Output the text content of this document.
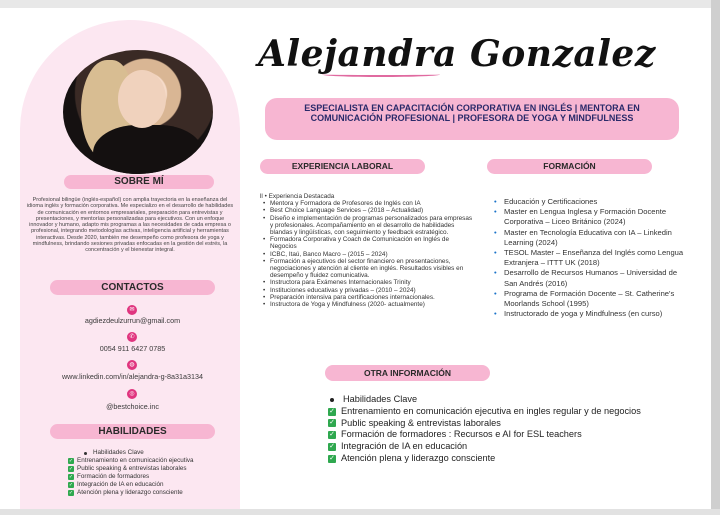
SOBRE MÍ
Profesional bilingüe (inglés-español) con amplia trayectoria en la enseñanza del idioma inglés y formación corporativa. Me especializo en el desarrollo de habilidades de comunicación en entornos empresariales, preparación para entrevistas y presentaciones, y mentorías personalizadas para ejecutivos. Con un enfoque innovador y humano, adapto mis programas a las necesidades de cada empresa o profesional, integrando metodologías activas, inteligencia artificial y herramientas interactivas. Desde 2020, también me desempeño como profesora de yoga y mindfulness, brindando sesiones privadas enfocadas en la gestión del estrés, la concentración y el bienestar integral.
CONTACTOS
✉
agdiezdeulzurrun@gmail.com
✆
0054 911 6427 0785
◍
www.linkedin.com/in/alejandra-g-8a31a3134
◎
@bestchoice.inc
HABILIDADES
Habilidades Clave
✓ Entrenamiento en comunicación ejecutiva
✓ Public speaking & entrevistas laborales
✓ Formación de formadores
✓ Integración de IA en educación
✓ Atención plena y liderazgo consciente
Alejandra Gonzalez
ESPECIALISTA EN CAPACITACIÓN CORPORATIVA EN INGLÉS | MENTORA EN COMUNICACIÓN PROFESIONAL | PROFESORA DE YOGA Y MINDFULNESS
EXPERIENCIA LABORAL	FORMACIÓN
ll • Experiencia Destacada
• Mentora y Formadora de Profesores de Inglés con IA
• Best Choice Language Services – (2018 – Actualidad)
• Diseño e implementación de programas personalizados para empresas y profesionales. Acompañamiento en el desarrollo de habilidades blandas y lingüísticas, con seguimiento y feedback estratégico.
• Formadora Corporativa y Coach de Comunicación en Inglés de Negocios
• ICBC, Itaú, Banco Macro – (2015 – 2024)
• Formación a ejecutivos del sector financiero en presentaciones, negociaciones y atención al cliente en inglés. Resultados visibles en desempeño y fluidez comunicativa.
• Instructora para Exámenes Internacionales Trinity
• Instituciones educativas y privadas – (2010 – 2024)
• Preparación intensiva para certificaciones internacionales.
• Instructora de Yoga y Mindfulness (2020- actualmente)
• Educación y Certificaciones
• Master en Lengua Inglesa y Formación Docente Corporativa – Liceo Británico (2024)
• Master en Tecnología Educativa con IA – Linkedin Learning (2024)
• TESOL Master – Enseñanza del Inglés como Lengua Extranjera – ITTT UK (2018)
• Desarrollo de Recursos Humanos – Universidad de San Andrés (2016)
• Programa de Formación Docente – St. Catherine's Moorlands School (1995)
• Instructorado de yoga y Mindfulness (en curso)
OTRA INFORMACIÓN
Habilidades Clave
✓ Entrenamiento en comunicación ejecutiva en ingles regular y de negocios
✓ Public speaking & entrevistas laborales
✓ Formación de formadores : Recursos e AI for ESL teachers
✓ Integración de IA en educación
✓ Atención plena y liderazgo consciente
